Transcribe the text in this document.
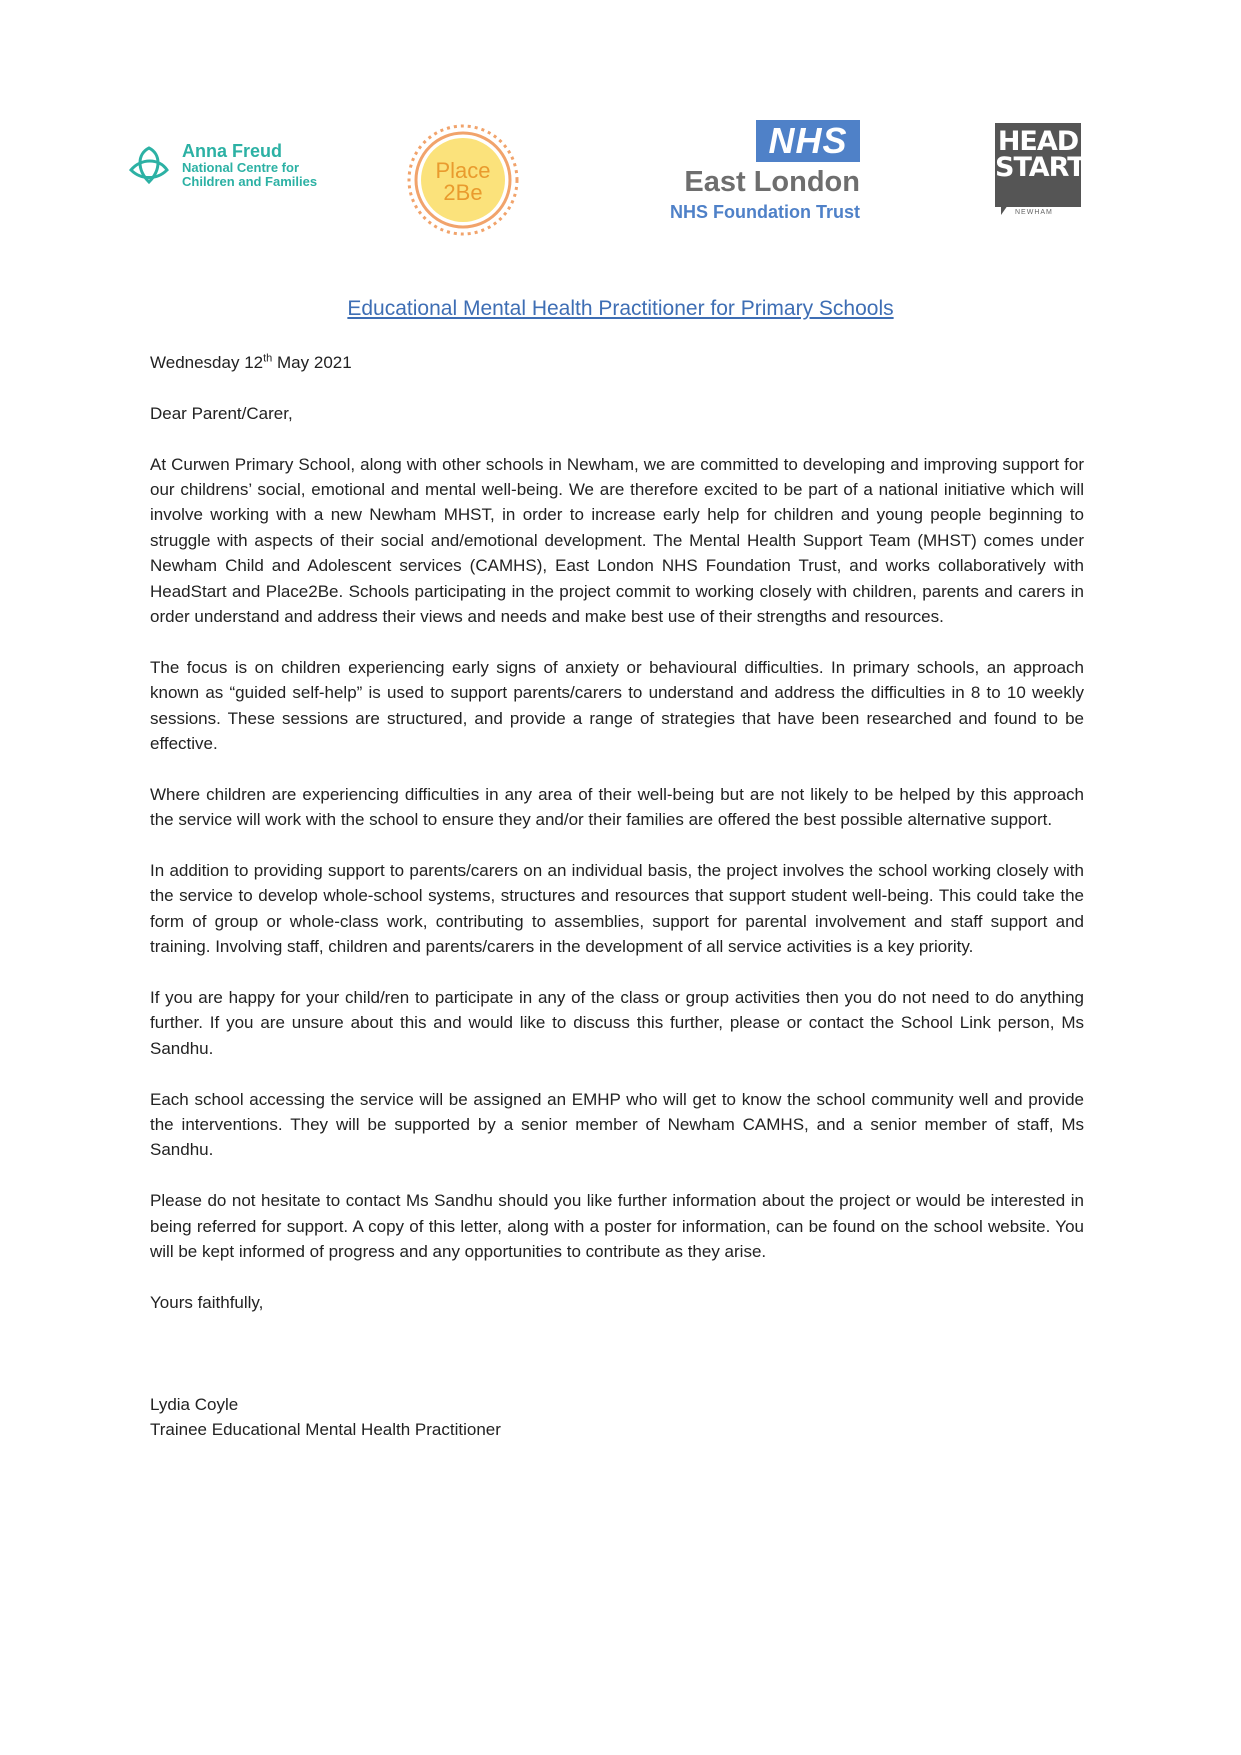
Anna Freud
National Centre for
Children and Families	Place
2Be
NHS
East London
NHS Foundation Trust
HEAD
START
NEWHAM
Educational Mental Health Practitioner for Primary Schools

Wednesday 12th May 2021

Dear Parent/Carer,

At Curwen Primary School, along with other schools in Newham, we are committed to developing and improving support for our childrens’ social, emotional and mental well-being. We are therefore excited to be part of a national initiative which will involve working with a new Newham MHST, in order to increase early help for children and young people beginning to struggle with aspects of their social and/emotional development. The Mental Health Support Team (MHST) comes under Newham Child and Adolescent services (CAMHS), East London NHS Foundation Trust, and works collaboratively with HeadStart and Place2Be. Schools participating in the project commit to working closely with children, parents and carers in order understand and address their views and needs and make best use of their strengths and resources.

The focus is on children experiencing early signs of anxiety or behavioural difficulties. In primary schools, an approach known as “guided self-help” is used to support parents/carers to understand and address the difficulties in 8 to 10 weekly sessions. These sessions are structured, and provide a range of strategies that have been researched and found to be effective.

Where children are experiencing difficulties in any area of their well-being but are not likely to be helped by this approach the service will work with the school to ensure they and/or their families are offered the best possible alternative support.

In addition to providing support to parents/carers on an individual basis, the project involves the school working closely with the service to develop whole-school systems, structures and resources that support student well-being. This could take the form of group or whole-class work, contributing to assemblies, support for parental involvement and staff support and training. Involving staff, children and parents/carers in the development of all service activities is a key priority.

If you are happy for your child/ren to participate in any of the class or group activities then you do not need to do anything further. If you are unsure about this and would like to discuss this further, please or contact the School Link person, Ms Sandhu.

Each school accessing the service will be assigned an EMHP who will get to know the school community well and provide the interventions. They will be supported by a senior member of Newham CAMHS, and a senior member of staff, Ms Sandhu.

Please do not hesitate to contact Ms Sandhu should you like further information about the project or would be interested in being referred for support. A copy of this letter, along with a poster for information, can be found on the school website. You will be kept informed of progress and any opportunities to contribute as they arise.

Yours faithfully,

Lydia Coyle

Trainee Educational Mental Health Practitioner
